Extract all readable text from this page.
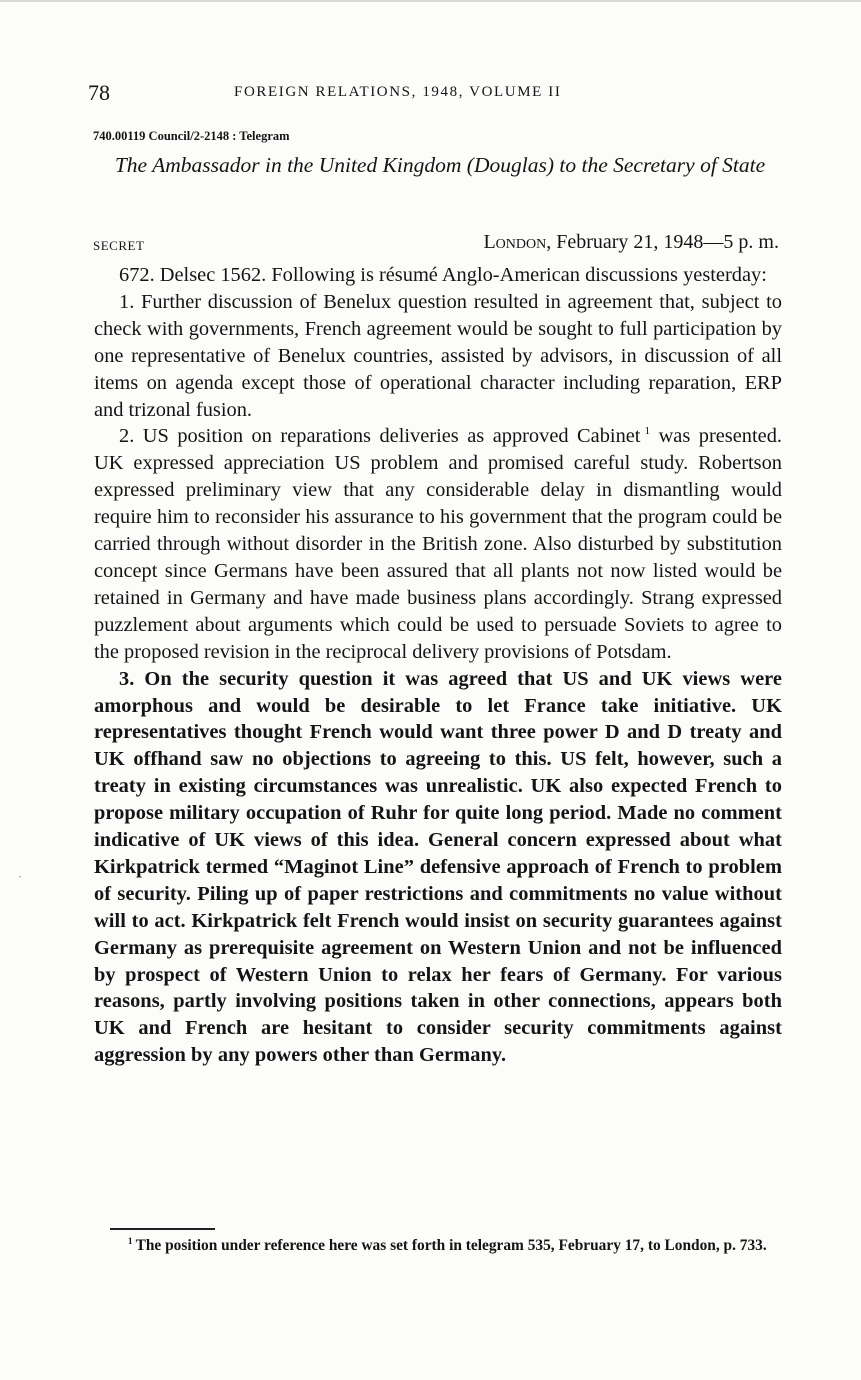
78	FOREIGN RELATIONS, 1948, VOLUME II
740.00119 Council/2-2148 : Telegram
The Ambassador in the United Kingdom (Douglas) to the Secretary of State
SECRET	London, February 21, 1948—5 p. m.

672. Delsec 1562. Following is résumé Anglo-American discussions yesterday:

1. Further discussion of Benelux question resulted in agreement that, subject to check with governments, French agreement would be sought to full participation by one representative of Benelux countries, assisted by advisors, in discussion of all items on agenda except those of operational character including reparation, ERP and trizonal fusion.

2. US position on reparations deliveries as approved Cabinet  $^1$ was presented. UK expressed appreciation US problem and promised careful study. Robertson expressed preliminary view that any considerable delay in dismantling would require him to reconsider his assurance to his government that the program could be carried through without disorder in the British zone. Also disturbed by substitution concept since Germans have been assured that all plants not now listed would be retained in Germany and have made business plans accordingly. Strang expressed puzzlement about arguments which could be used to persuade Soviets to agree to the proposed revision in the reciprocal delivery provisions of Potsdam.

3. On the security question it was agreed that US and UK views were amorphous and would be desirable to let France take initiative. UK representatives thought French would want three power D and D treaty and UK offhand saw no objections to agreeing to this. US felt, however, such a treaty in existing circumstances was unrealistic. UK also expected French to propose military occupation of Ruhr for quite long period. Made no comment indicative of UK views of this idea. General concern expressed about what Kirkpatrick termed “Maginot Line” defensive approach of French to problem of security. Piling up of paper restrictions and commitments no value without will to act. Kirkpatrick felt French would insist on security guarantees against Germany as prerequisite agreement on Western Union and not be influenced by prospect of Western Union to relax her fears of Germany. For various reasons, partly involving positions taken in other connections, appears both UK and French are hesitant to consider security commitments against aggression by any powers other than Germany.

$^1$  The position under reference here was set forth in telegram 535, February 17, to London, p. 733.
·
